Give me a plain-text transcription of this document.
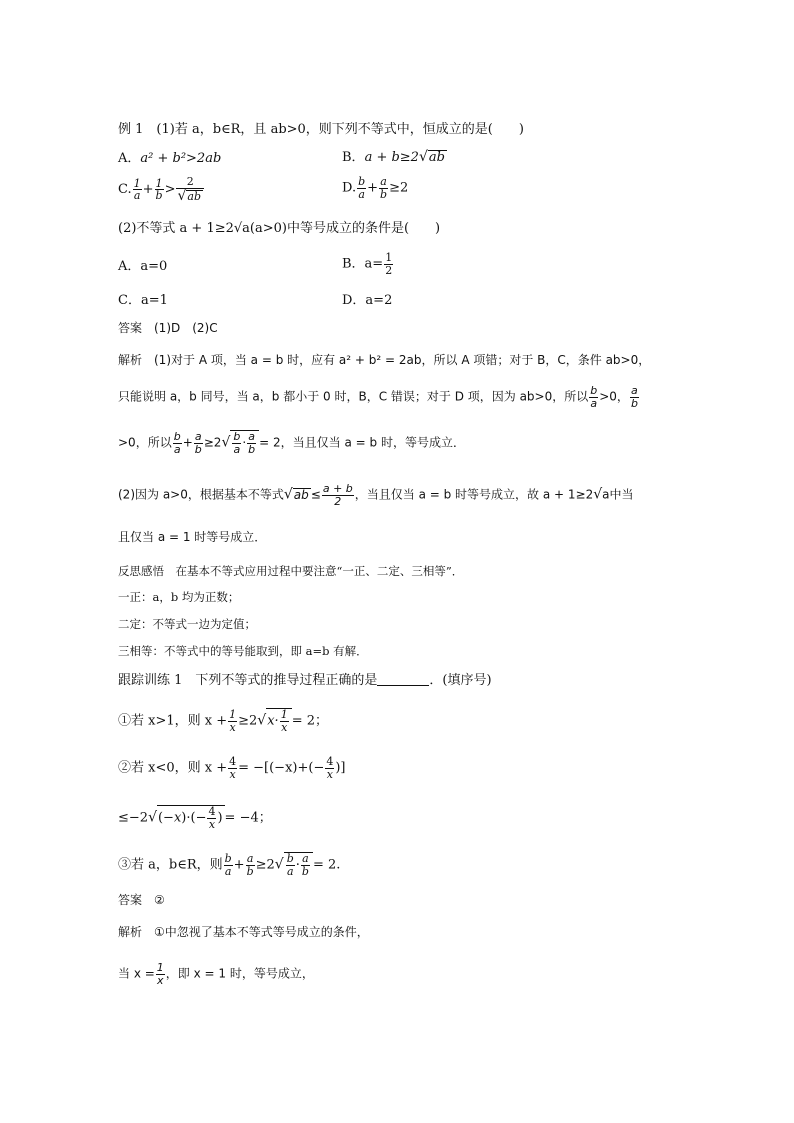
例 1　(1)若 a，b∈R，且 ab>0，则下列不等式中，恒成立的是(　　)
A．a² + b²>2ab	B．a + b≥2√ab
C. $\frac{1}{a} + \frac{1}{b} > \frac{2}{√ab}$	D. $\frac{b}{a} + \frac{a}{b} \ge 2$
(2)不等式 a + 1≥2√a(a>0)中等号成立的条件是(　　)
A．a=0	B．$a= \frac{1}{2}$
C．a=1	D．a=2
答案　(1)D　(2)C
解析　(1)对于 A 项，当 a = b 时，应有 a² + b² = 2ab，所以 A 项错；对于 B，C，条件 ab>0，
只能说明 a，b 同号，当 a，b 都小于 0 时，B，C 错误；对于 D 项，因为 ab>0，所以 $\frac{b}{a} >0$， $\frac{a}{b}$
>0，所以 $\frac{b}{a} + \frac{a}{b} \ge 2√ \frac{b}{a} \cdot \frac{a}{b} = 2$，当且仅当 a = b 时，等号成立．
(2)因为 a>0，根据基本不等式$√ab \le \frac{a + b}{2}$ ，当且仅当 a = b 时等号成立，故 a + 1≥2√a中当
且仅当 a = 1 时等号成立．
反思感悟　在基本不等式应用过程中要注意“一正、二定、三相等”．
一正：a，b 均为正数；
二定：不等式一边为定值；
三相等：不等式中的等号能取到，即 a=b 有解．
跟踪训练 1　下列不等式的推导过程正确的是	．(填序号)
①若 x>1，则 $x + \frac{1}{x} \ge 2√x\cdot \frac{1}{x} = 2$；
②若 x<0，则 $x + \frac{4}{x} = -[(-x)+(- \frac{4}{x}$ )]
$\le-2√(-x)\cdot(- \frac{4}{x}$ ) = −4；
③若 a，b∈R，则 $\frac{b}{a} + \frac{a}{b} \ge 2√ \frac{b}{a} \cdot \frac{a}{b} = 2$.
答案　②
解析　①中忽视了基本不等式等号成立的条件，
当 $x = \frac{1}{x}$ ，即 x = 1 时，等号成立，
